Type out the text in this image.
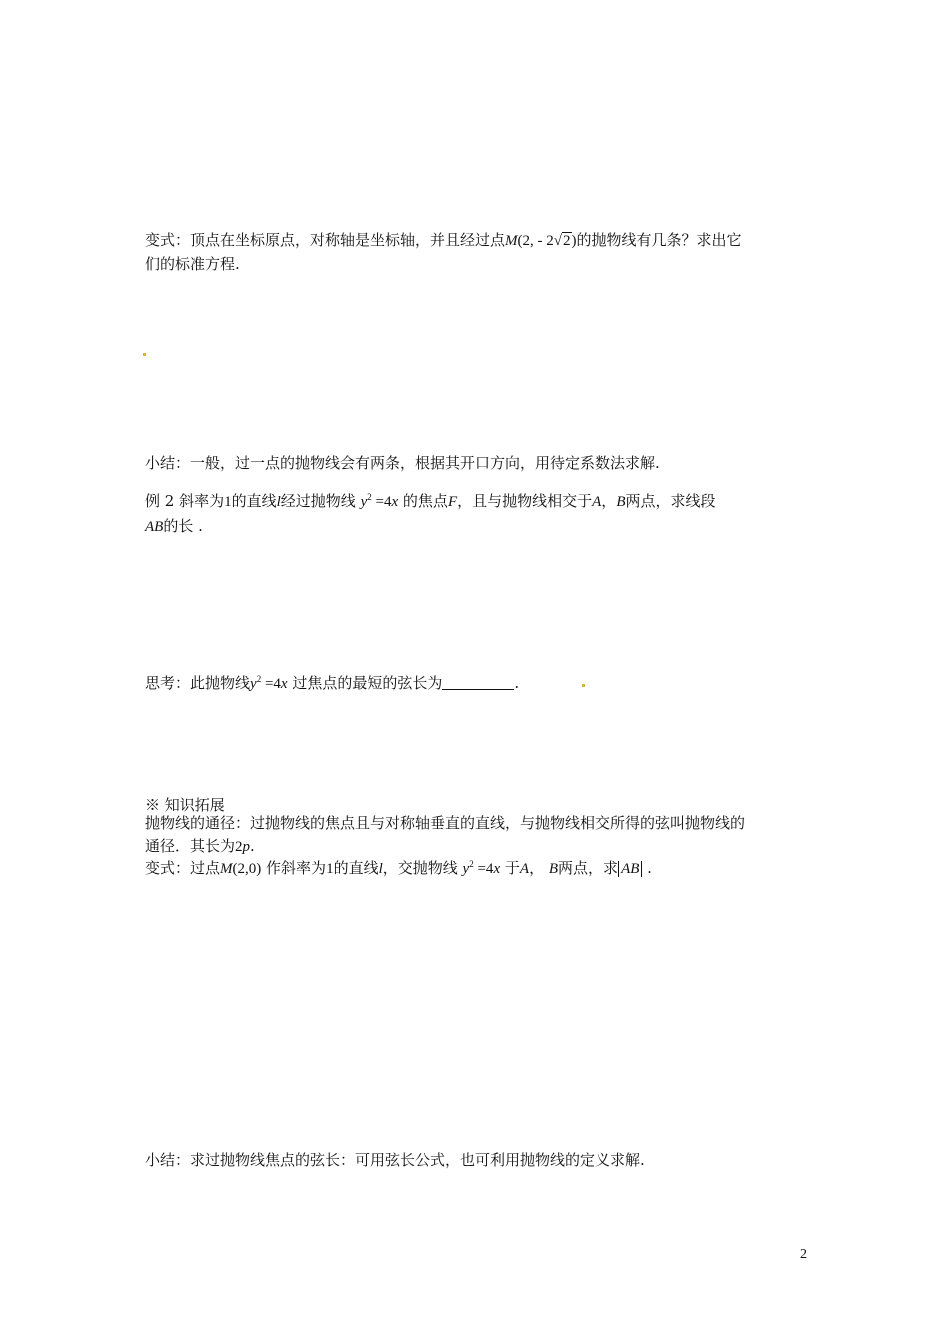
变式：顶点在坐标原点，对称轴是坐标轴，并且经过点M(2, - 2√2)的抛物线有几条？求出它
们的标准方程.
小结：一般，过一点的抛物线会有两条，根据其开口方向，用待定系数法求解.
例 2 斜率为1的直线l经过抛物线 $y^2 =4x$ 的焦点F，且与抛物线相交于A，B两点，求线段
AB的长 .
思考：此抛物线$y^2 =4x$ 过焦点的最短的弦长为	.
※ 知识拓展
抛物线的通径：过抛物线的焦点且与对称轴垂直的直线，与抛物线相交所得的弦叫抛物线的
通径．其长为2p.
变式：过点M(2,0) 作斜率为1的直线l，交抛物线 $y^2 =4x$ 于A， B两点，求 AB .
小结：求过抛物线焦点的弦长：可用弦长公式，也可利用抛物线的定义求解.
2
